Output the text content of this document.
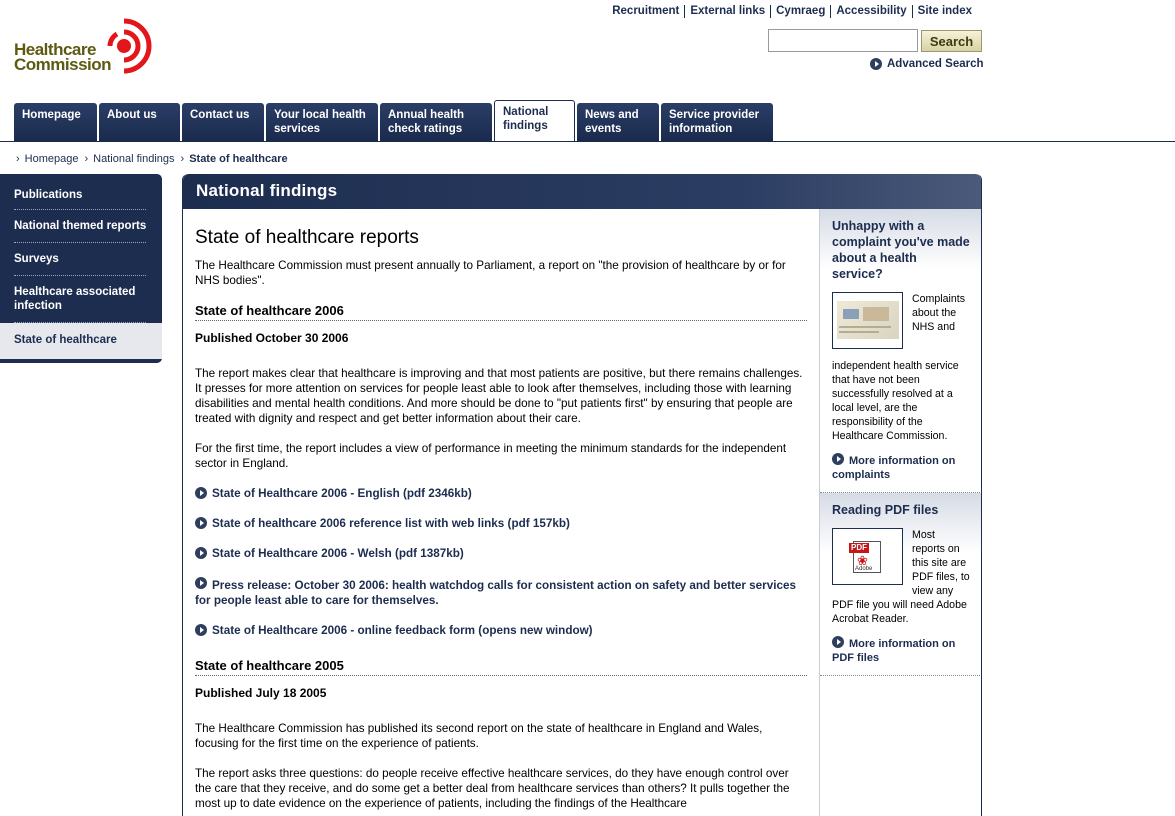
Healthcare
Commission
Recruitment External links Cymraeg Accessibility Site index
Search
Advanced Search
Homepage	About us	Contact us	Your local health
services
Annual health
check ratings
National
findings
News and
events
Service provider
information
› Homepage › National findings › State of healthcare
Publications
National themed reports
Surveys
Healthcare associated infection
State of healthcare
National findings
State of healthcare reports

The Healthcare Commission must present annually to Parliament, a report on "the provision of healthcare by or for NHS bodies".

State of healthcare 2006
Published October 30 2006

The report makes clear that healthcare is improving and that most patients are positive, but there remains challenges. It presses for more attention on services for people least able to look after themselves, including those with learning disabilities and mental health conditions. And more should be done to "put patients first" by ensuring that people are treated with dignity and respect and get better information about their care.

For the first time, the report includes a view of performance in meeting the minimum standards for the independent sector in England.

State of Healthcare 2006 - English (pdf 2346kb)
State of healthcare 2006 reference list with web links (pdf 157kb)
State of Healthcare 2006 - Welsh (pdf 1387kb)
Press release: October 30 2006: health watchdog calls for consistent action on safety and better services for people least able to care for themselves.
State of Healthcare 2006 - online feedback form (opens new window)
State of healthcare 2005
Published July 18 2005

The Healthcare Commission has published its second report on the state of healthcare in England and Wales, focusing for the first time on the experience of patients.

The report asks three questions: do people receive effective healthcare services, do they have enough control over the care that they receive, and do some get a better deal from healthcare services than others? It pulls together the most up to date evidence on the experience of patients, including the findings of the Healthcare

Unhappy with a complaint you've made about a health service?
Complaints about the NHS and
independent health service that have not been successfully resolved at a local level, are the responsibility of the Healthcare Commission.
More information on complaints
Reading PDF files
PDF
❀
Adobe
Most reports on this site are PDF files, to view any
PDF file you will need Adobe Acrobat Reader.
More information on PDF files
